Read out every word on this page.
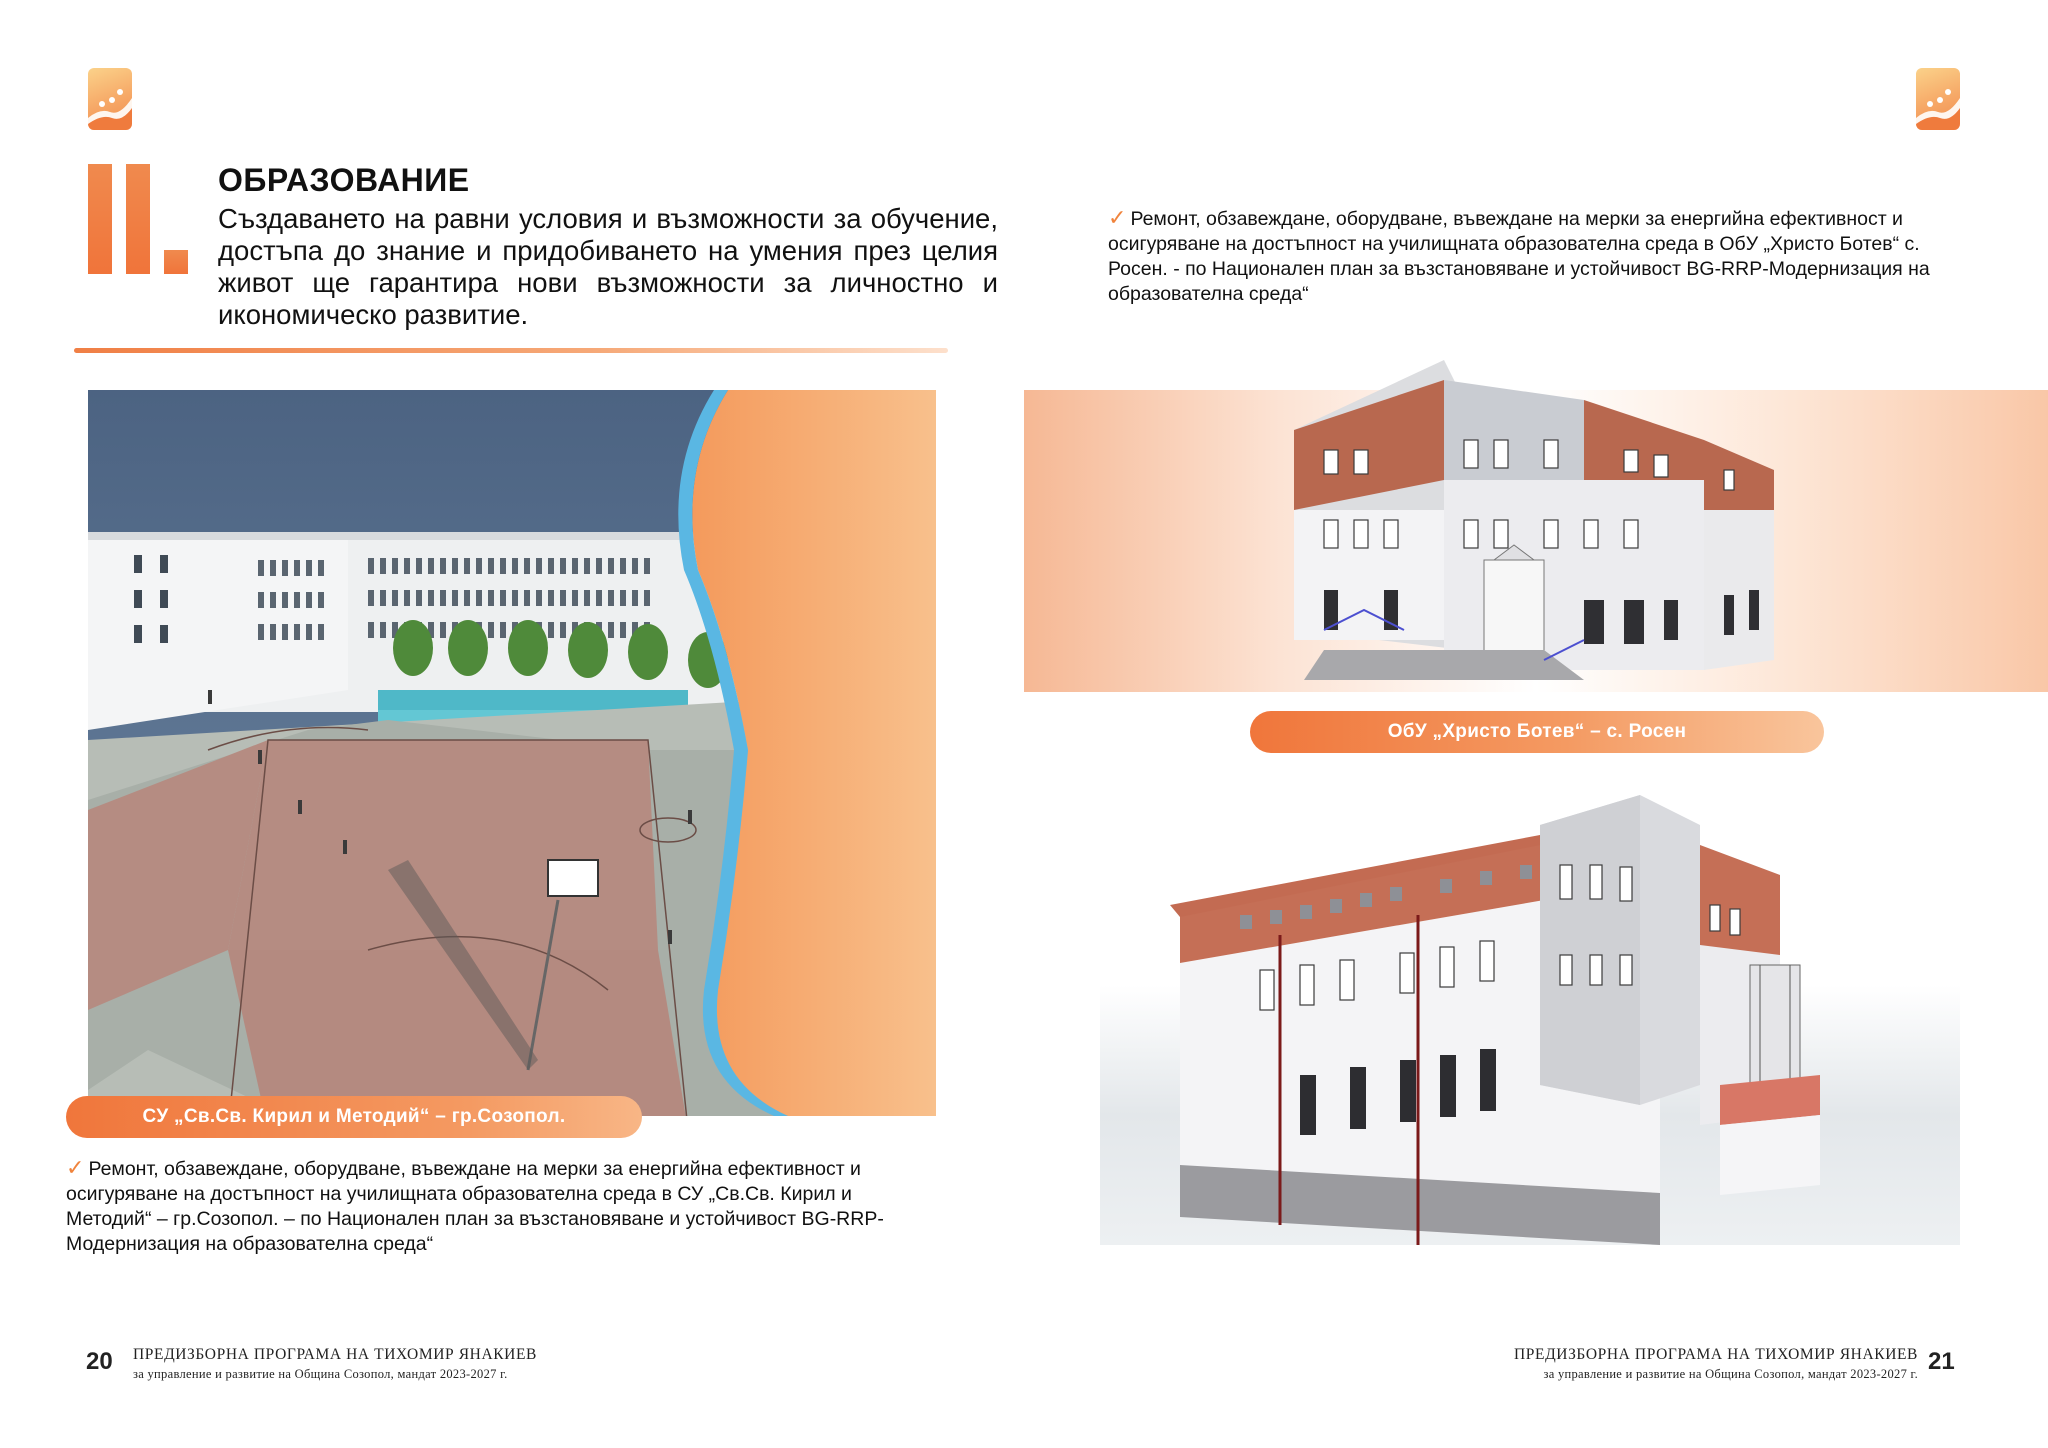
ОБРАЗОВАНИЕ
Създаването на равни условия и възможности за обучение, достъпа до знание и придобиването на умения през целия живот ще гарантира нови възможности за личностно и икономическо развитие.
СУ „Св.Св. Кирил и Методий“ – гр.Созопол.
✓ Ремонт, обзавеждане, оборудване, въвеждане на мерки за енергийна ефективност и осигуряване на достъпност на училищната образователна среда в СУ „Св.Св. Кирил и Методий“ – гр.Созопол. – по Национален план за възстановяване и устойчивост BG-RRP-Модернизация на образователна среда“
20 ПРЕДИЗБОРНА ПРОГРАМА НА ТИХОМИР ЯНАКИЕВ
за управление и развитие на Община Созопол, мандат 2023-2027 г.
✓ Ремонт, обзавеждане, оборудване, въвеждане на мерки за енергийна ефективност и осигуряване на достъпност на училищната образователна среда в ОбУ „Христо Ботев“ с. Росен. - по Национален план за възстановяване и устойчивост BG-RRP-Модернизация на образователна среда“
ОбУ „Христо Ботев“ – с. Росен
ПРЕДИЗБОРНА ПРОГРАМА НА ТИХОМИР ЯНАКИЕВ
за управление и развитие на Община Созопол, мандат 2023-2027 г. 21
